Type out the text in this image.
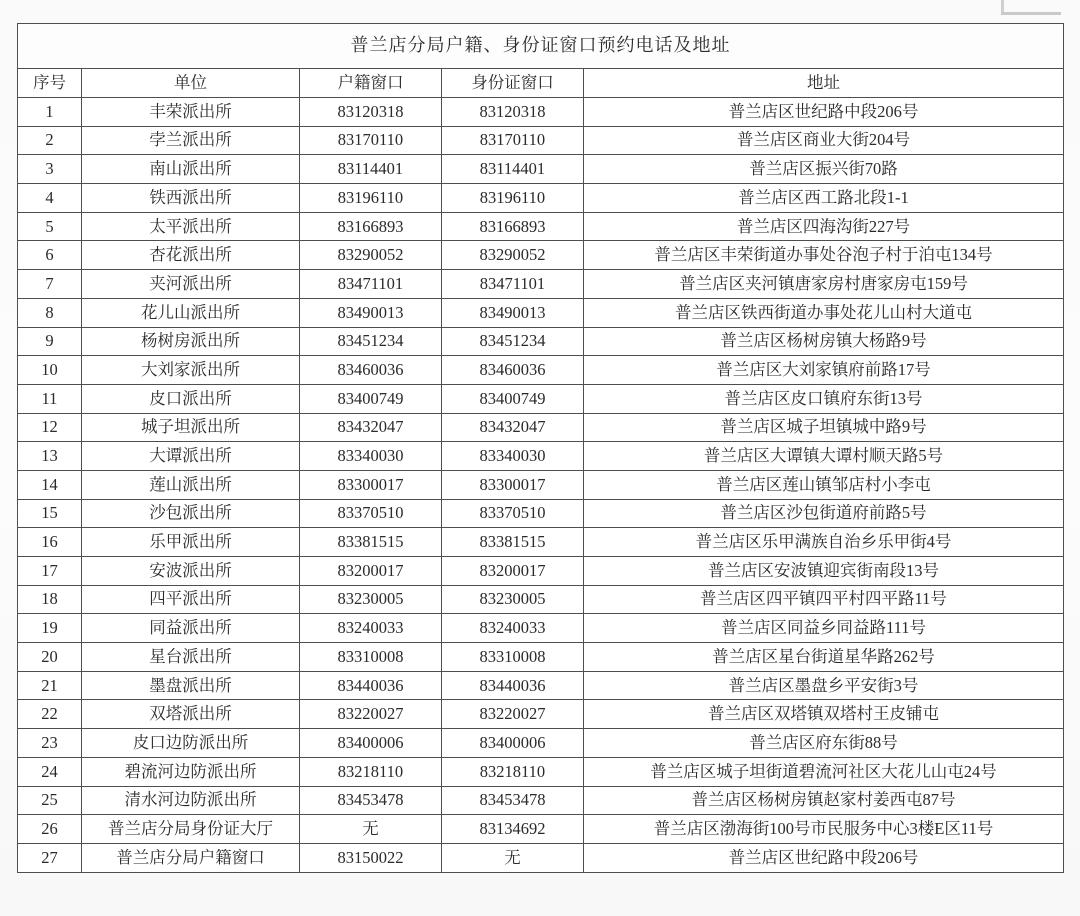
普兰店分局户籍、身份证窗口预约电话及地址				
序号	单位	户籍窗口	身份证窗口	地址
1	丰荣派出所	83120318	83120318	普兰店区世纪路中段206号
2	孛兰派出所	83170110	83170110	普兰店区商业大街204号
3	南山派出所	83114401	83114401	普兰店区振兴街70路
4	铁西派出所	83196110	83196110	普兰店区西工路北段1-1
5	太平派出所	83166893	83166893	普兰店区四海沟街227号
6	杏花派出所	83290052	83290052	普兰店区丰荣街道办事处谷泡子村于泊屯134号
7	夹河派出所	83471101	83471101	普兰店区夹河镇唐家房村唐家房屯159号
8	花儿山派出所	83490013	83490013	普兰店区铁西街道办事处花儿山村大道屯
9	杨树房派出所	83451234	83451234	普兰店区杨树房镇大杨路9号
10	大刘家派出所	83460036	83460036	普兰店区大刘家镇府前路17号
11	皮口派出所	83400749	83400749	普兰店区皮口镇府东街13号
12	城子坦派出所	83432047	83432047	普兰店区城子坦镇城中路9号
13	大谭派出所	83340030	83340030	普兰店区大谭镇大谭村顺天路5号
14	莲山派出所	83300017	83300017	普兰店区莲山镇邹店村小李屯
15	沙包派出所	83370510	83370510	普兰店区沙包街道府前路5号
16	乐甲派出所	83381515	83381515	普兰店区乐甲满族自治乡乐甲街4号
17	安波派出所	83200017	83200017	普兰店区安波镇迎宾街南段13号
18	四平派出所	83230005	83230005	普兰店区四平镇四平村四平路11号
19	同益派出所	83240033	83240033	普兰店区同益乡同益路111号
20	星台派出所	83310008	83310008	普兰店区星台街道星华路262号
21	墨盘派出所	83440036	83440036	普兰店区墨盘乡平安街3号
22	双塔派出所	83220027	83220027	普兰店区双塔镇双塔村王皮铺屯
23	皮口边防派出所	83400006	83400006	普兰店区府东街88号
24	碧流河边防派出所	83218110	83218110	普兰店区城子坦街道碧流河社区大花儿山屯24号
25	清水河边防派出所	83453478	83453478	普兰店区杨树房镇赵家村姜西屯87号
26	普兰店分局身份证大厅	无	83134692	普兰店区渤海街100号市民服务中心3楼E区11号
27	普兰店分局户籍窗口	83150022	无	普兰店区世纪路中段206号
